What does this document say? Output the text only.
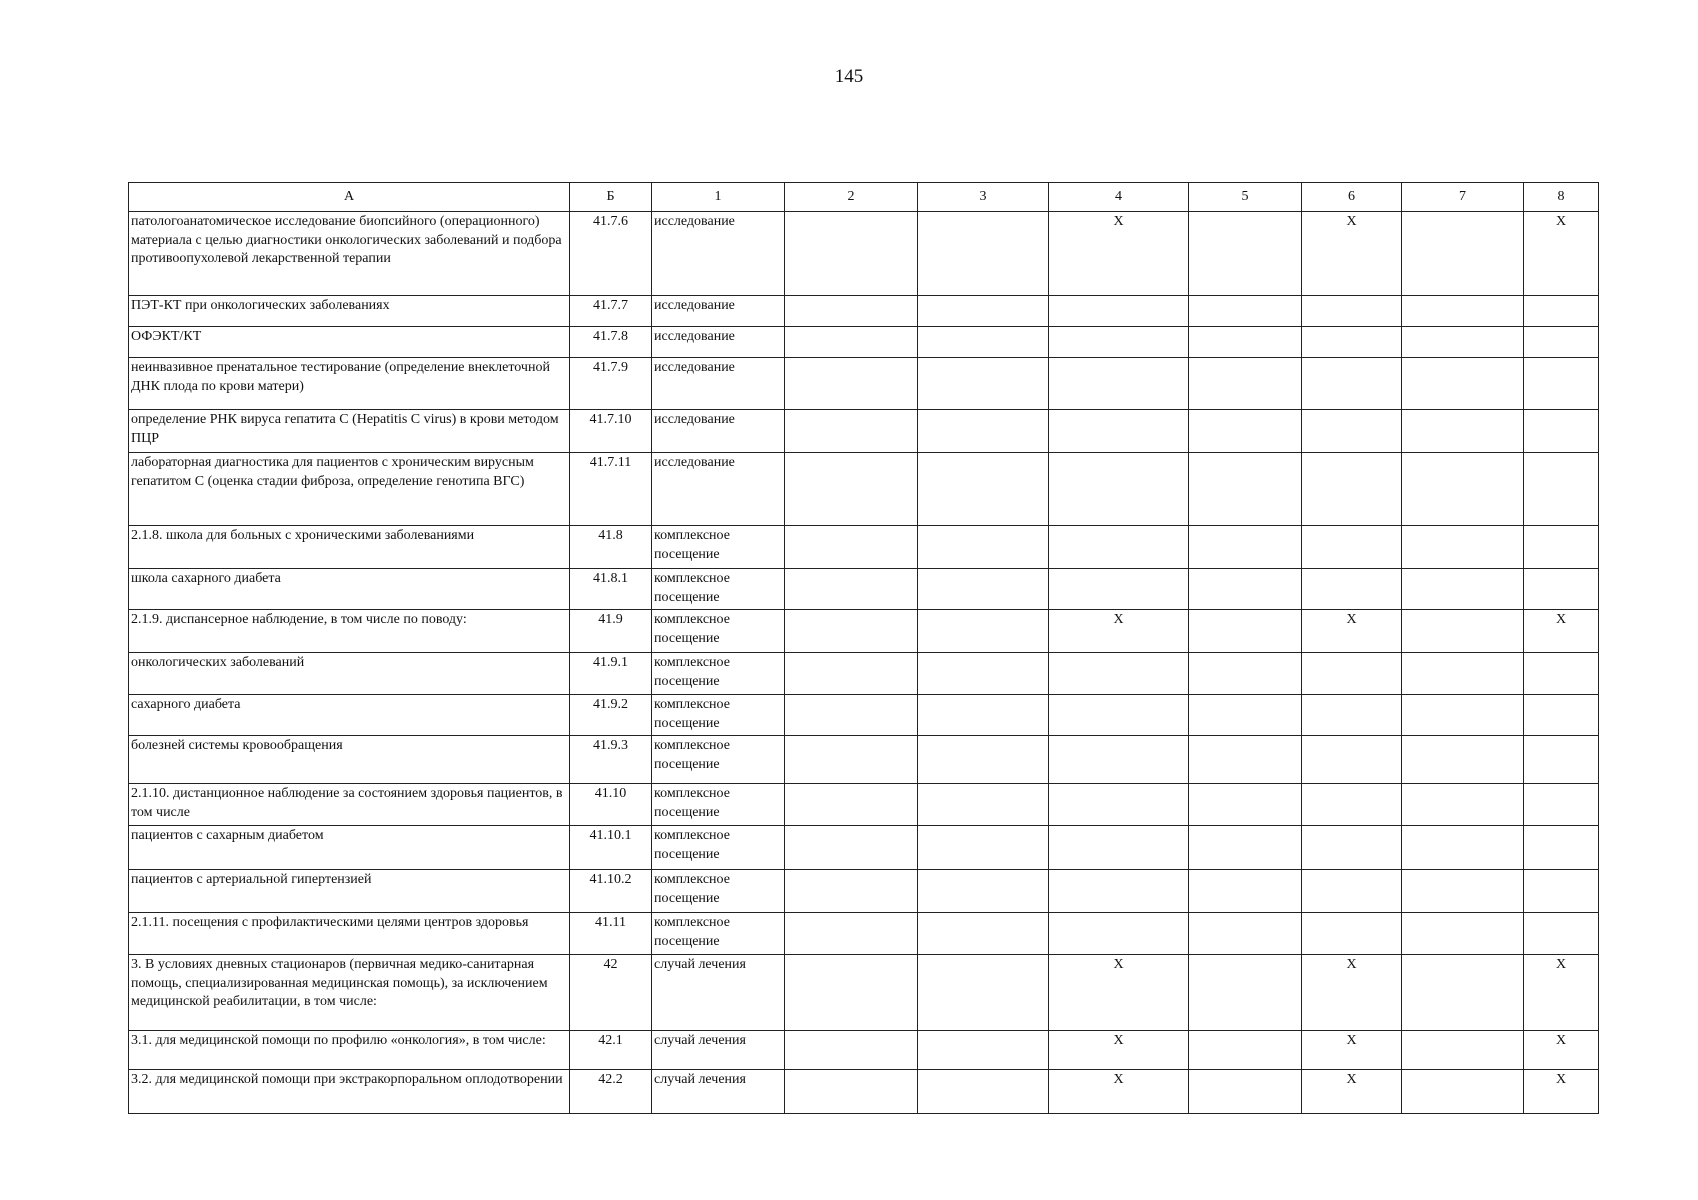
145
А	Б	1	2	3	4	5	6	7	8
патологоанатомическое исследование биопсийного (операционного) материала с целью диагностики онкологических заболеваний и подбора противоопухолевой лекарственной терапии	41.7.6	исследование			X		X		X
ПЭТ-КТ при онкологических заболеваниях	41.7.7	исследование							
ОФЭКТ/КТ	41.7.8	исследование							
неинвазивное пренатальное тестирование (определение внеклеточной ДНК плода по крови матери)	41.7.9	исследование							
определение РНК вируса гепатита С (Hepatitis C virus) в крови методом ПЦР	41.7.10	исследование							
лабораторная диагностика для пациентов с хроническим вирусным гепатитом С (оценка стадии фиброза, определение генотипа ВГС)	41.7.11	исследование							
2.1.8. школа для больных с хроническими заболеваниями	41.8	комплексное посещение							
школа сахарного диабета	41.8.1	комплексное посещение							
2.1.9. диспансерное наблюдение, в том числе по поводу:	41.9	комплексное посещение			X		X		X
онкологических заболеваний	41.9.1	комплексное посещение							
сахарного диабета	41.9.2	комплексное посещение							
болезней системы кровообращения	41.9.3	комплексное посещение							
2.1.10. дистанционное наблюдение за состоянием здоровья пациентов, в том числе	41.10	комплексное посещение							
пациентов с сахарным диабетом	41.10.1	комплексное посещение							
пациентов с артериальной гипертензией	41.10.2	комплексное посещение							
2.1.11. посещения с профилактическими целями центров здоровья	41.11	комплексное посещение							
3. В условиях дневных стационаров (первичная медико-санитарная помощь, специализированная медицинская помощь), за исключением медицинской реабилитации, в том числе:	42	случай лечения			X		X		X
3.1. для медицинской помощи по профилю «онкология», в том числе:	42.1	случай лечения			X		X		X
3.2. для медицинской помощи при экстракорпоральном оплодотворении	42.2	случай лечения			X		X		X
